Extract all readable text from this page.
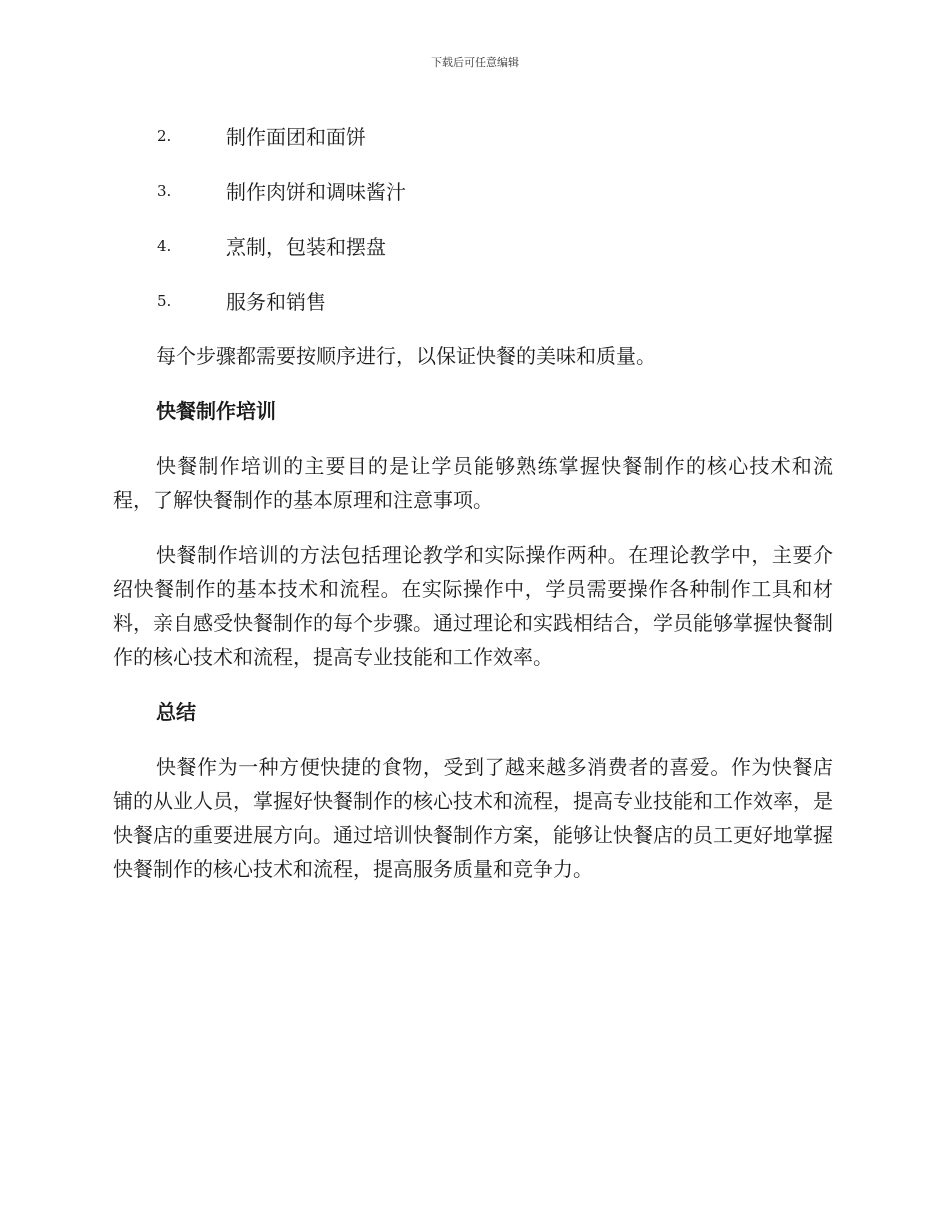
下载后可任意编辑
2.	制作面团和面饼
3.	制作肉饼和调味酱汁
4.	烹制，包装和摆盘
5.	服务和销售

每个步骤都需要按顺序进行，以保证快餐的美味和质量。

快餐制作培训

快餐制作培训的主要目的是让学员能够熟练掌握快餐制作的核心技术和流程，了解快餐制作的基本原理和注意事项。

快餐制作培训的方法包括理论教学和实际操作两种。在理论教学中，主要介绍快餐制作的基本技术和流程。在实际操作中，学员需要操作各种制作工具和材料，亲自感受快餐制作的每个步骤。通过理论和实践相结合，学员能够掌握快餐制作的核心技术和流程，提高专业技能和工作效率。

总结

快餐作为一种方便快捷的食物，受到了越来越多消费者的喜爱。作为快餐店铺的从业人员，掌握好快餐制作的核心技术和流程，提高专业技能和工作效率，是快餐店的重要进展方向。通过培训快餐制作方案，能够让快餐店的员工更好地掌握快餐制作的核心技术和流程，提高服务质量和竞争力。
